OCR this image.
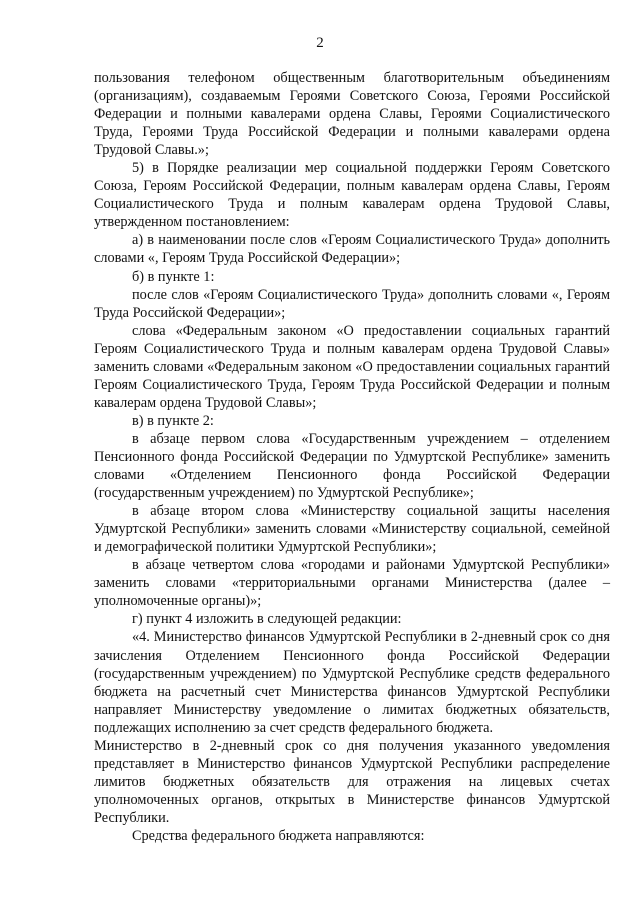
2

пользования телефоном общественным благотворительным объединениям (организациям), создаваемым Героями Советского Союза, Героями Российской Федерации и полными кавалерами ордена Славы, Героями Социалистического Труда, Героями Труда Российской Федерации и полными кавалерами ордена Трудовой Славы.»;

5) в Порядке реализации мер социальной поддержки Героям Советского Союза, Героям Российской Федерации, полным кавалерам ордена Славы, Героям Социалистического Труда и полным кавалерам ордена Трудовой Славы, утвержденном постановлением:

а) в наименовании после слов «Героям Социалистического Труда» дополнить словами «, Героям Труда Российской Федерации»;

б) в пункте 1:

после слов «Героям Социалистического Труда» дополнить словами «, Героям Труда Российской Федерации»;

слова «Федеральным законом «О предоставлении социальных гарантий Героям Социалистического Труда и полным кавалерам ордена Трудовой Славы» заменить словами «Федеральным законом «О предоставлении социальных гарантий Героям Социалистического Труда, Героям Труда Российской Федерации и полным кавалерам ордена Трудовой Славы»;

в) в пункте 2:

в абзаце первом слова «Государственным учреждением – отделением Пенсионного фонда Российской Федерации по Удмуртской Республике» заменить словами «Отделением Пенсионного фонда Российской Федерации (государственным учреждением) по Удмуртской Республике»;

в абзаце втором слова «Министерству социальной защиты населения Удмуртской Республики» заменить словами «Министерству социальной, семейной и демографической политики Удмуртской Республики»;

в абзаце четвертом слова «городами и районами Удмуртской Республики» заменить словами «территориальными органами Министерства (далее – уполномоченные органы)»;

г) пункт 4 изложить в следующей редакции:

«4. Министерство финансов Удмуртской Республики в 2-дневный срок со дня зачисления Отделением Пенсионного фонда Российской Федерации (государственным учреждением) по Удмуртской Республике средств федерального бюджета на расчетный счет Министерства финансов Удмуртской Республики направляет Министерству уведомление о лимитах бюджетных обязательств, подлежащих исполнению за счет средств федерального бюджета.

Министерство в 2-дневный срок со дня получения указанного уведомления представляет в Министерство финансов Удмуртской Республики распределение лимитов бюджетных обязательств для отражения на лицевых счетах уполномоченных органов, открытых в Министерстве финансов Удмуртской Республики.

Средства федерального бюджета направляются:
